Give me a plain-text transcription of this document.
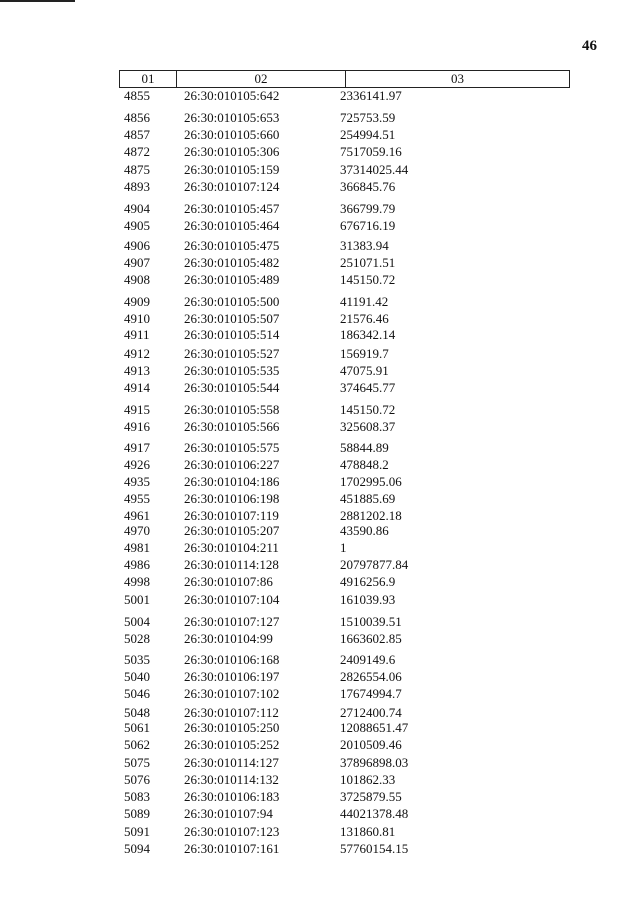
46
01	02	03
4855	26:30:010105:642	2336141.97
4856	26:30:010105:653	725753.59
4857	26:30:010105:660	254994.51
4872	26:30:010105:306	7517059.16
4875	26:30:010105:159	37314025.44
4893	26:30:010107:124	366845.76
4904	26:30:010105:457	366799.79
4905	26:30:010105:464	676716.19
4906	26:30:010105:475	31383.94
4907	26:30:010105:482	251071.51
4908	26:30:010105:489	145150.72
4909	26:30:010105:500	41191.42
4910	26:30:010105:507	21576.46
4911	26:30:010105:514	186342.14
4912	26:30:010105:527	156919.7
4913	26:30:010105:535	47075.91
4914	26:30:010105:544	374645.77
4915	26:30:010105:558	145150.72
4916	26:30:010105:566	325608.37
4917	26:30:010105:575	58844.89
4926	26:30:010106:227	478848.2
4935	26:30:010104:186	1702995.06
4955	26:30:010106:198	451885.69
4961	26:30:010107:119	2881202.18
4970	26:30:010105:207	43590.86
4981	26:30:010104:211	1
4986	26:30:010114:128	20797877.84
4998	26:30:010107:86	4916256.9
5001	26:30:010107:104	161039.93
5004	26:30:010107:127	1510039.51
5028	26:30:010104:99	1663602.85
5035	26:30:010106:168	2409149.6
5040	26:30:010106:197	2826554.06
5046	26:30:010107:102	17674994.7
5048	26:30:010107:112	2712400.74
5061	26:30:010105:250	12088651.47
5062	26:30:010105:252	2010509.46
5075	26:30:010114:127	37896898.03
5076	26:30:010114:132	101862.33
5083	26:30:010106:183	3725879.55
5089	26:30:010107:94	44021378.48
5091	26:30:010107:123	131860.81
5094	26:30:010107:161	57760154.15
